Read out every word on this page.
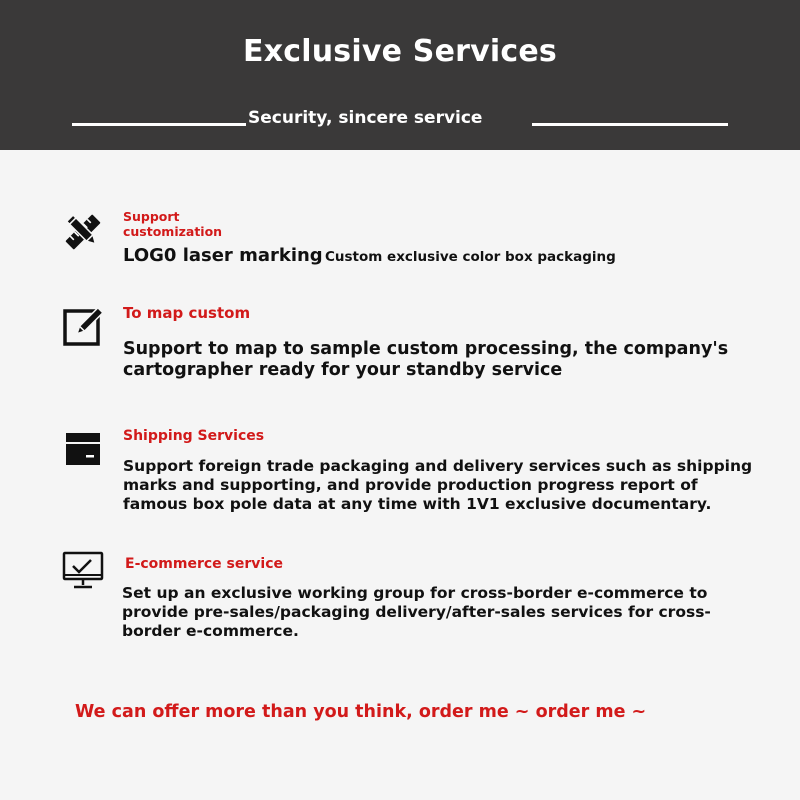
Exclusive Services
Security, sincere service
Support customization
LOG0 laser marking Custom exclusive color box packaging
To map custom
Support to map to sample custom processing, the company's cartographer ready for your standby service
Shipping Services
Support foreign trade packaging and delivery services such as shipping marks and supporting, and provide production progress report of famous box pole data at any time with 1V1 exclusive documentary.
E-commerce service
Set up an exclusive working group for cross-border e-commerce to provide pre-sales/packaging delivery/after-sales services for cross-border e-commerce.
We can offer more than you think, order me ~ order me ~
